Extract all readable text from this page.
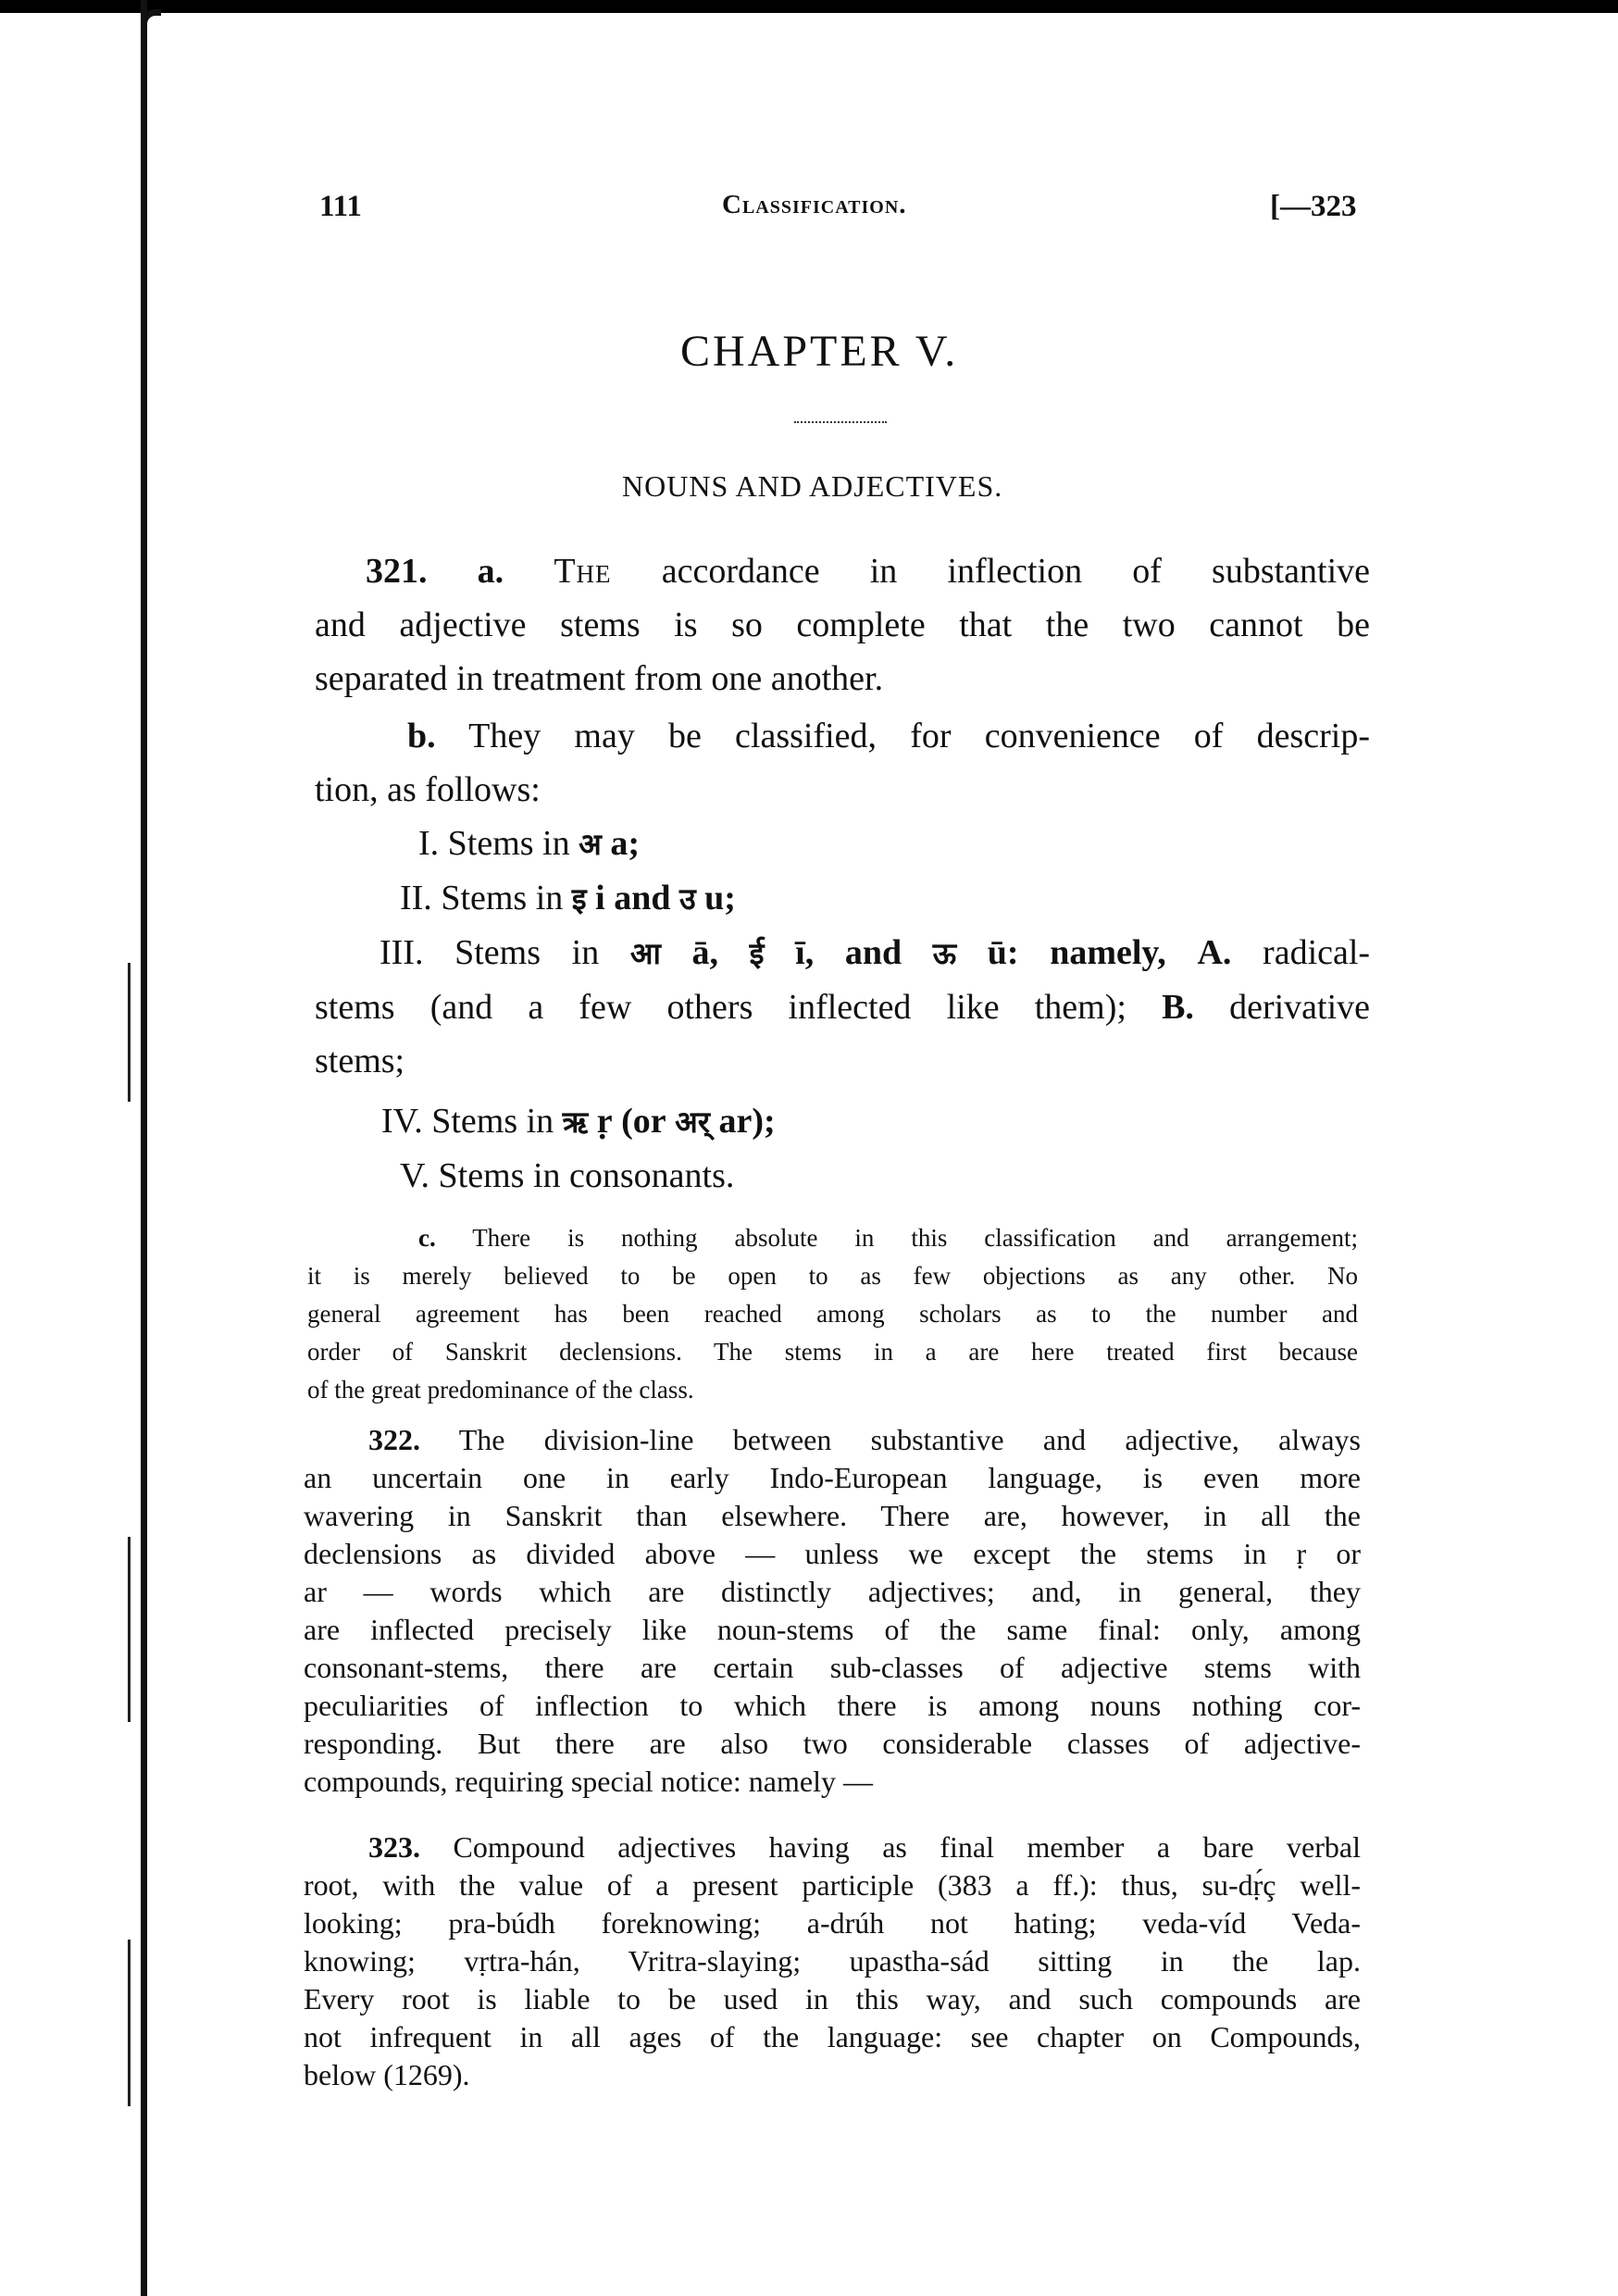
111	Classification.	[—323
CHAPTER V.
NOUNS AND ADJECTIVES.
321. a. The accordance in inflection of substantive
and adjective stems is so complete that the two cannot be
separated in treatment from one another.
b. They may be classified, for convenience of descrip-
tion, as follows:
I. Stems in अ a;
II. Stems in इ i and उ u;
III. Stems in आ ā, ई ī, and ऊ ū: namely, A. radical-
stems (and a few others inflected like them); B. derivative
stems;
IV. Stems in ऋ ṛ (or अर् ar);
V. Stems in consonants.
c. There is nothing absolute in this classification and arrangement;
it is merely believed to be open to as few objections as any other. No
general agreement has been reached among scholars as to the number and
order of Sanskrit declensions. The stems in a are here treated first because
of the great predominance of the class.
322. The division-line between substantive and adjective, always
an uncertain one in early Indo-European language, is even more
wavering in Sanskrit than elsewhere. There are, however, in all the
declensions as divided above — unless we except the stems in ṛ or
ar — words which are distinctly adjectives; and, in general, they
are inflected precisely like noun-stems of the same final: only, among
consonant-stems, there are certain sub-classes of adjective stems with
peculiarities of inflection to which there is among nouns nothing cor-
responding. But there are also two considerable classes of adjective-
compounds, requiring special notice: namely —
323. Compound adjectives having as final member a bare verbal
root, with the value of a present participle (383 a ff.): thus, su-dṛ́ç well-
looking; pra-búdh foreknowing; a-drúh not hating; veda-víd Veda-
knowing; vṛtra-hán, Vritra-slaying; upastha-sád sitting in the lap.
Every root is liable to be used in this way, and such compounds are
not infrequent in all ages of the language: see chapter on Compounds,
below (1269).
